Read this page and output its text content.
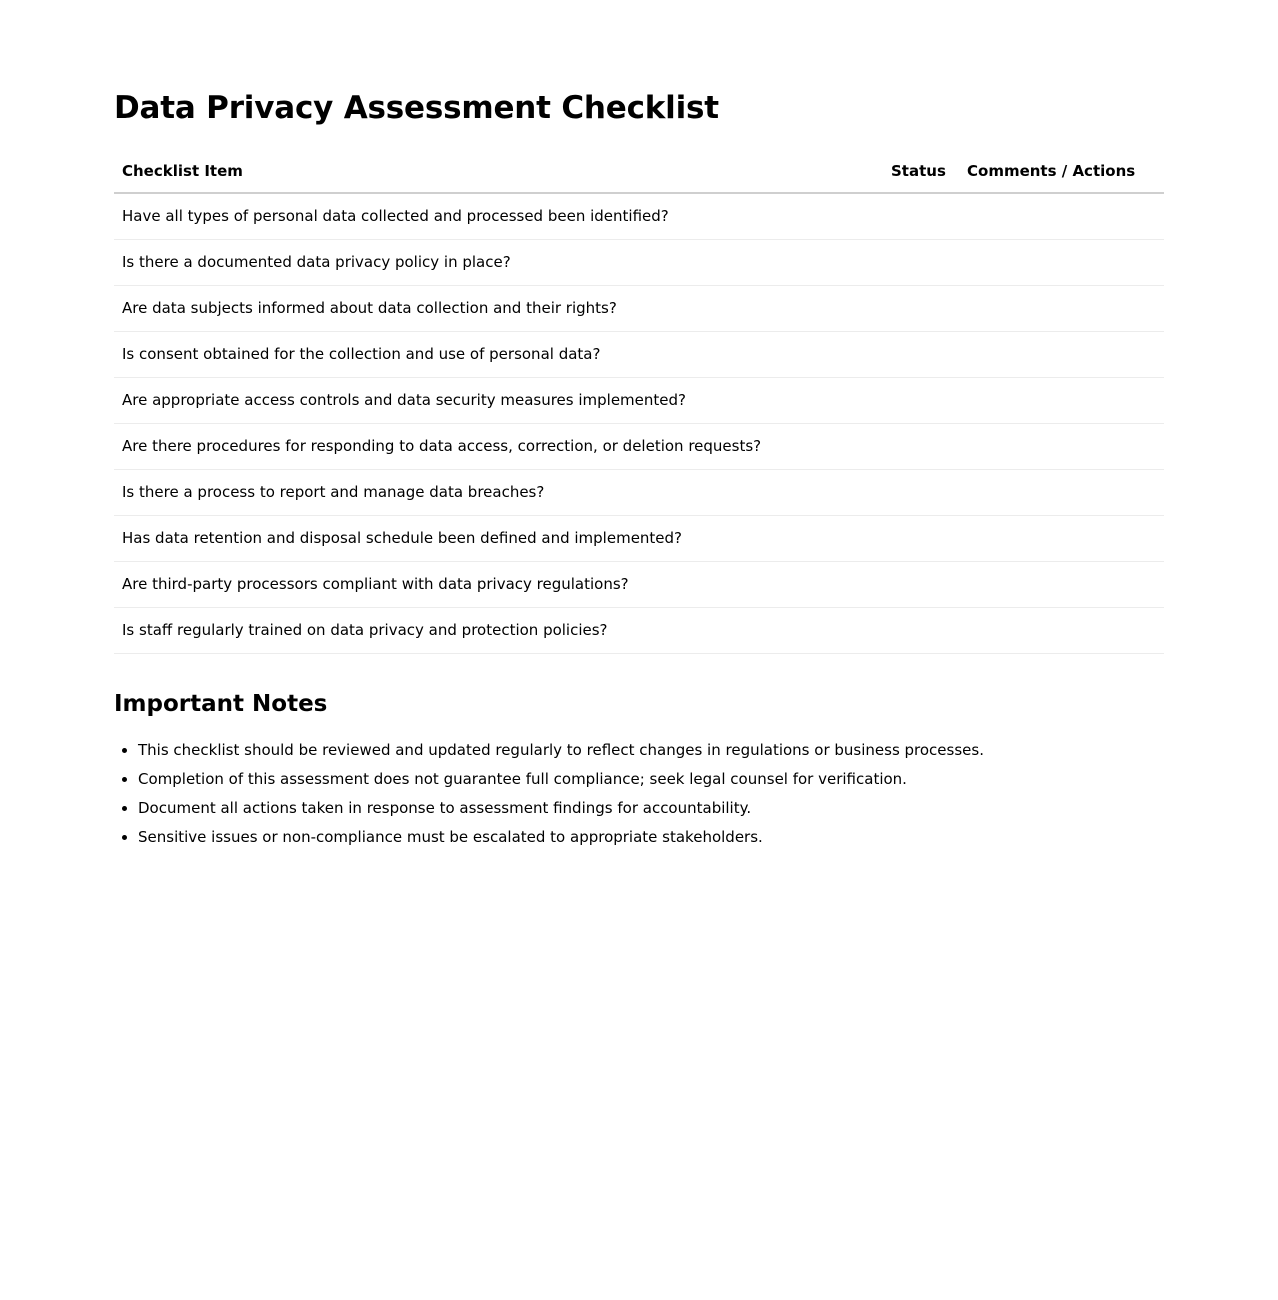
Data Privacy Assessment Checklist
Checklist Item	Status	Comments / Actions
Have all types of personal data collected and processed been identified?		
Is there a documented data privacy policy in place?		
Are data subjects informed about data collection and their rights?		
Is consent obtained for the collection and use of personal data?		
Are appropriate access controls and data security measures implemented?		
Are there procedures for responding to data access, correction, or deletion requests?		
Is there a process to report and manage data breaches?		
Has data retention and disposal schedule been defined and implemented?		
Are third-party processors compliant with data privacy regulations?		
Is staff regularly trained on data privacy and protection policies?		
Important Notes
• This checklist should be reviewed and updated regularly to reflect changes in regulations or business processes.
• Completion of this assessment does not guarantee full compliance; seek legal counsel for verification.
• Document all actions taken in response to assessment findings for accountability.
• Sensitive issues or non-compliance must be escalated to appropriate stakeholders.
